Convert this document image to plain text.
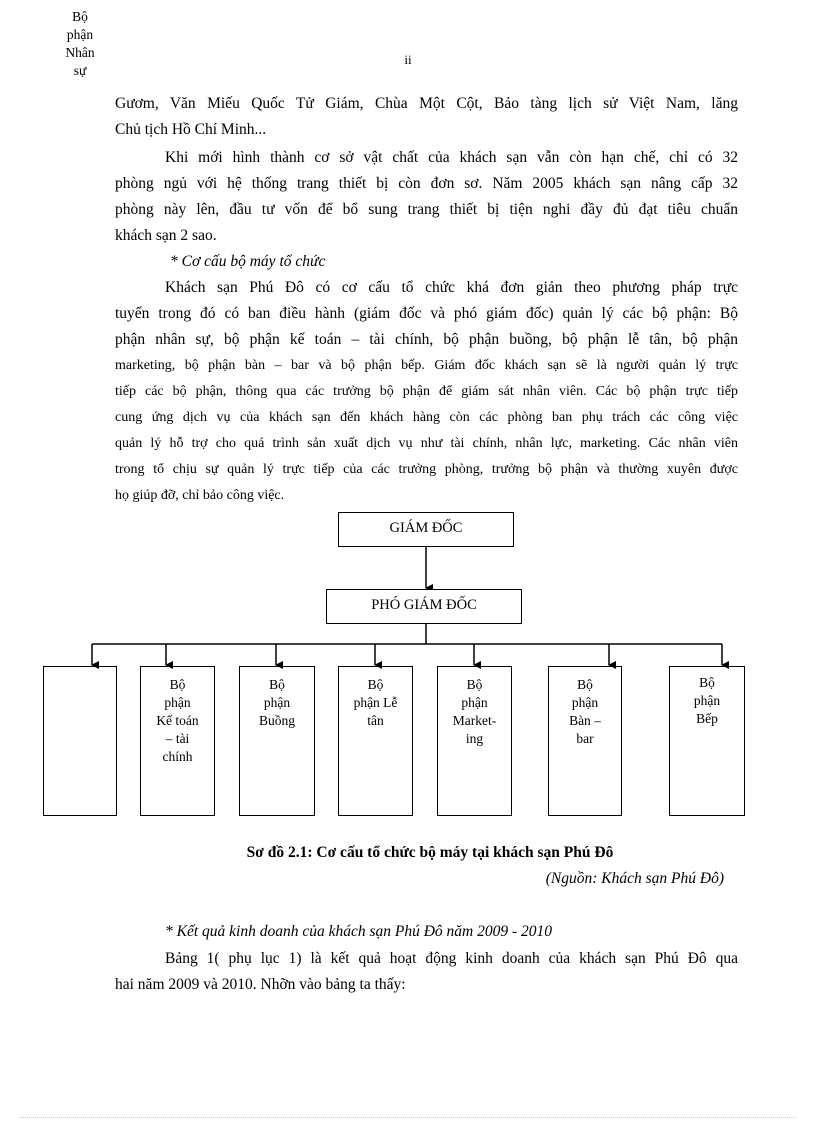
ii
Gươm, Văn Miếu Quốc Tử Giám, Chùa Một Cột, Bảo tàng lịch sử Việt Nam, lăng
Chủ tịch Hồ Chí Minh...
Khi mới hình thành cơ sở vật chất của khách sạn vẫn còn hạn chế, chỉ có 32
phòng ngủ với hệ thống trang thiết bị còn đơn sơ. Năm 2005 khách sạn nâng cấp 32
phòng này lên, đầu tư vốn để bổ sung trang thiết bị tiện nghi đầy đủ đạt tiêu chuẩn
khách sạn 2 sao.
* Cơ cấu bộ máy tổ chức
Khách sạn Phú Đô có cơ cấu tổ chức khá đơn giản theo phương pháp trực
tuyến trong đó có ban điều hành (giám đốc và phó giám đốc) quản lý các bộ phận: Bộ
phận nhân sự, bộ phận kế toán – tài chính, bộ phận buồng, bộ phận lễ tân, bộ phận
marketing, bộ phận bàn – bar và bộ phận bếp. Giám đốc khách sạn sẽ là người quản lý trực
tiếp các bộ phận, thông qua các trưởng bộ phận để giám sát nhân viên. Các bộ phận trực tiếp
cung ứng dịch vụ của khách sạn đến khách hàng còn các phòng ban phụ trách các công việc
quản lý hỗ trợ cho quá trình sản xuất dịch vụ như tài chính, nhân lực, marketing. Các nhân viên
trong tổ chịu sự quản lý trực tiếp của các trưởng phòng, trưởng bộ phận và thường xuyên được
họ giúp đỡ, chỉ bảo công việc.
GIÁM ĐỐC
PHÓ GIÁM ĐỐC
Bộ
phận
Nhân
sự
Bộ
phận
Kế toán
– tài
chính
Bộ
phận
Buồng
Bộ
phận Lễ
tân
Bộ
phận
Market-
ing
Bộ
phận
Bàn –
bar
Bộ
phận
Bếp
Sơ đồ 2.1: Cơ cấu tổ chức bộ máy tại khách sạn Phú Đô
(Nguồn: Khách sạn Phú Đô)
* Kết quả kinh doanh của khách sạn Phú Đô năm 2009 - 2010
Bảng 1( phụ lục 1) là kết quả hoạt động kinh doanh của khách sạn Phú Đô qua
hai năm 2009 và 2010. Nhỡn vào bảng ta thấy:
